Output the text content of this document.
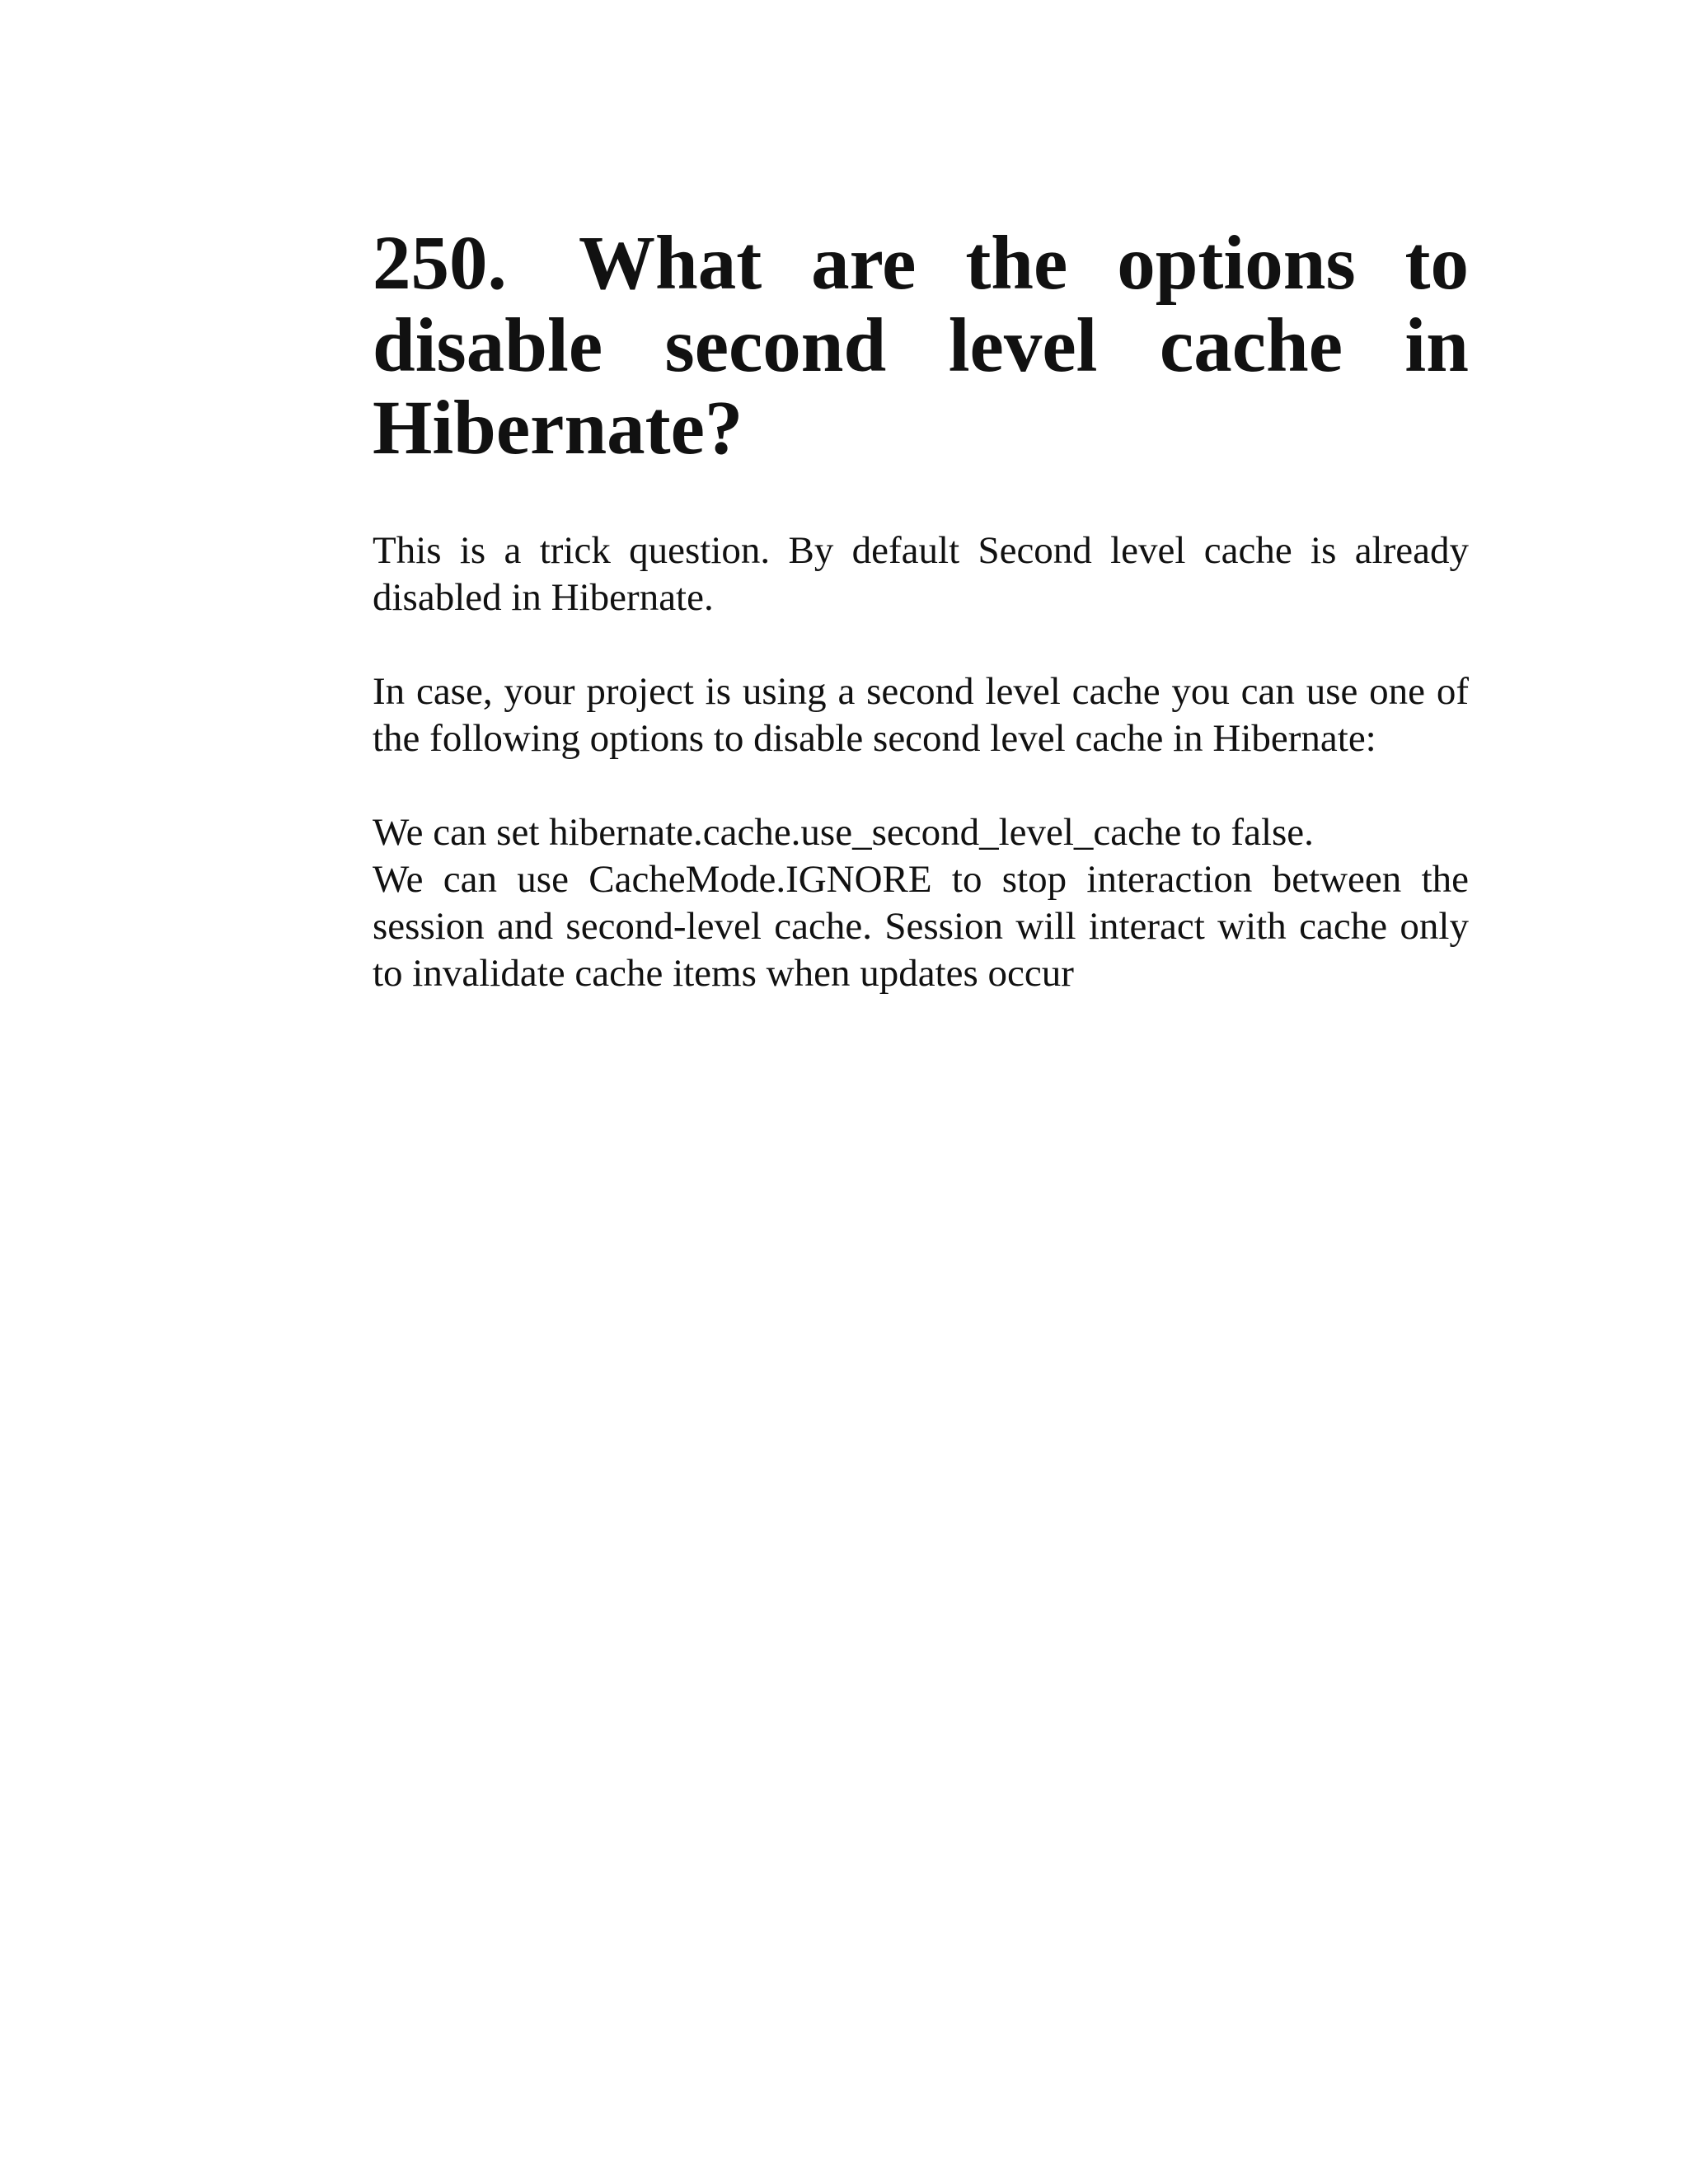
250. What are the options to disable second level cache in Hibernate?

This is a trick question. By default Second level cache is already disabled in Hibernate.

In case, your project is using a second level cache you can use one of the following options to disable second level cache in Hibernate:

We can set hibernate.cache.use_second_level_cache to false.

We can use CacheMode.IGNORE to stop interaction between the session and second-level cache. Session will interact with cache only to invalidate cache items when updates occur
